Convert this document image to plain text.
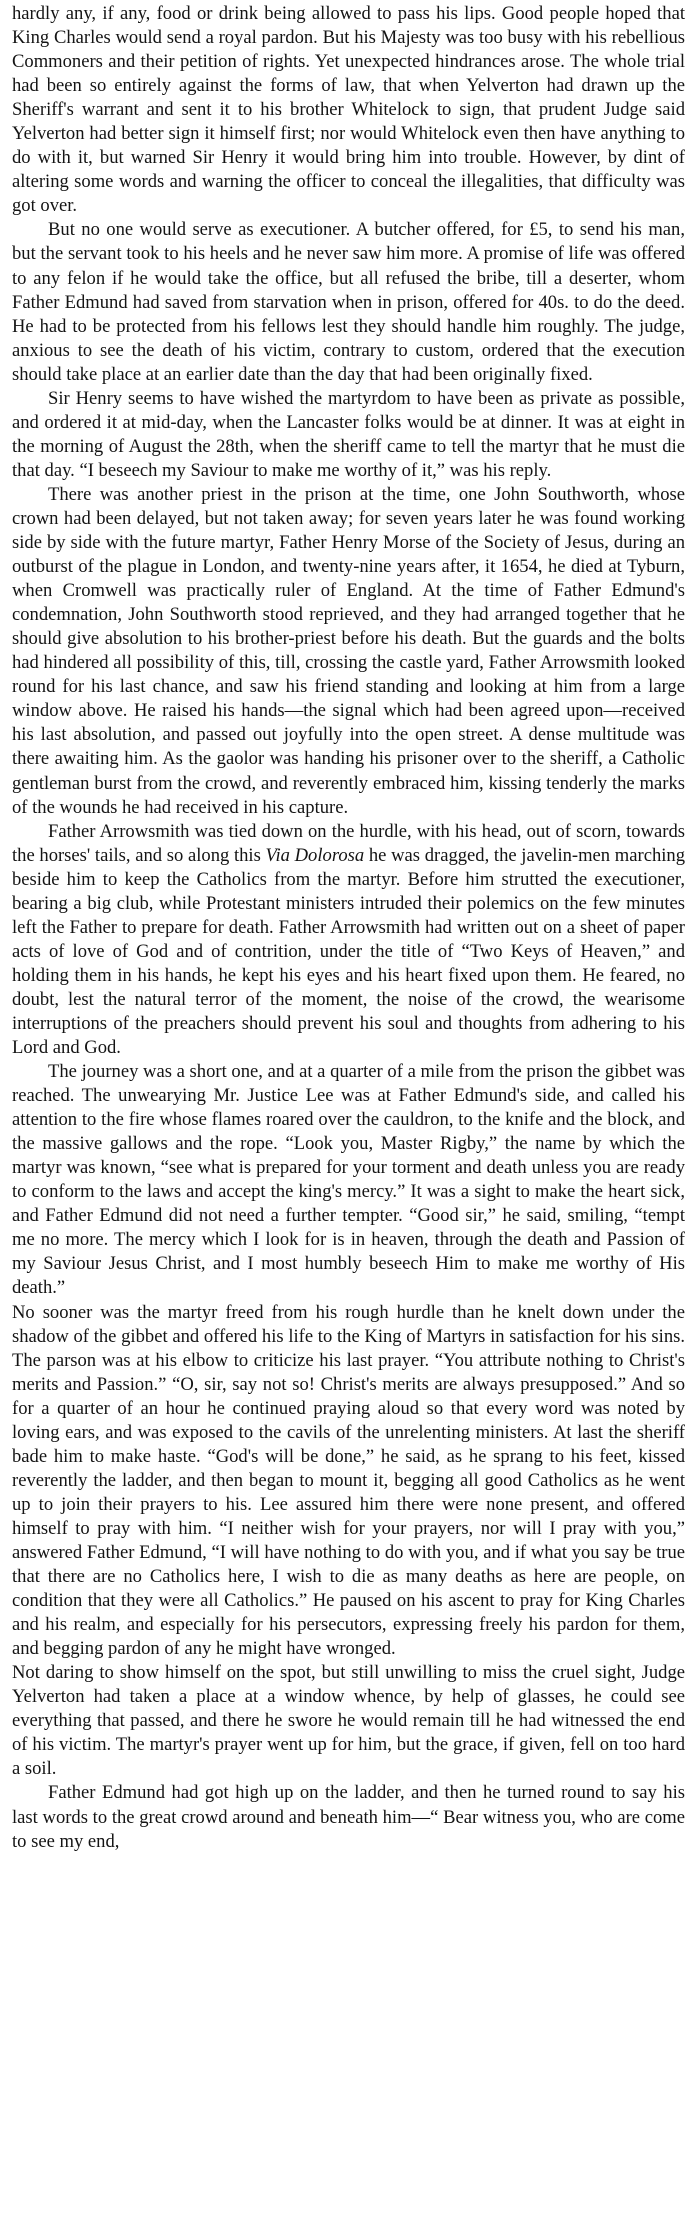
hardly any, if any, food or drink being allowed to pass his lips. Good people hoped that King Charles would send a royal pardon. But his Majesty was too busy with his rebellious Commoners and their petition of rights. Yet unexpected hindrances arose. The whole trial had been so entirely against the forms of law, that when Yelverton had drawn up the Sheriff's warrant and sent it to his brother Whitelock to sign, that prudent Judge said Yelverton had better sign it himself first; nor would Whitelock even then have anything to do with it, but warned Sir Henry it would bring him into trouble. However, by dint of altering some words and warning the officer to conceal the illegalities, that difficulty was got over.

But no one would serve as executioner. A butcher offered, for £5, to send his man, but the servant took to his heels and he never saw him more. A promise of life was offered to any felon if he would take the office, but all refused the bribe, till a deserter, whom Father Edmund had saved from starvation when in prison, offered for 40s. to do the deed. He had to be protected from his fellows lest they should handle him roughly. The judge, anxious to see the death of his victim, contrary to custom, ordered that the execution should take place at an earlier date than the day that had been originally fixed.

Sir Henry seems to have wished the martyrdom to have been as private as possible, and ordered it at mid-day, when the Lancaster folks would be at dinner. It was at eight in the morning of August the 28th, when the sheriff came to tell the martyr that he must die that day. “I beseech my Saviour to make me worthy of it,” was his reply.

There was another priest in the prison at the time, one John Southworth, whose crown had been delayed, but not taken away; for seven years later he was found working side by side with the future martyr, Father Henry Morse of the Society of Jesus, during an outburst of the plague in London, and twenty-nine years after, it 1654, he died at Tyburn, when Cromwell was practically ruler of England. At the time of Father Edmund's condemnation, John Southworth stood reprieved, and they had arranged together that he should give absolution to his brother-priest before his death. But the guards and the bolts had hindered all possibility of this, till, crossing the castle yard, Father Arrowsmith looked round for his last chance, and saw his friend standing and looking at him from a large window above. He raised his hands—the signal which had been agreed upon—received his last absolution, and passed out joyfully into the open street. A dense multitude was there awaiting him. As the gaolor was handing his prisoner over to the sheriff, a Catholic gentleman burst from the crowd, and reverently embraced him, kissing tenderly the marks of the wounds he had received in his capture.

Father Arrowsmith was tied down on the hurdle, with his head, out of scorn, towards the horses' tails, and so along this Via Dolorosa he was dragged, the javelin-men marching beside him to keep the Catholics from the martyr. Before him strutted the executioner, bearing a big club, while Protestant ministers intruded their polemics on the few minutes left the Father to prepare for death. Father Arrowsmith had written out on a sheet of paper acts of love of God and of contrition, under the title of “Two Keys of Heaven,” and holding them in his hands, he kept his eyes and his heart fixed upon them. He feared, no doubt, lest the natural terror of the moment, the noise of the crowd, the wearisome interruptions of the preachers should prevent his soul and thoughts from adhering to his Lord and God.

The journey was a short one, and at a quarter of a mile from the prison the gibbet was reached. The unwearying Mr. Justice Lee was at Father Edmund's side, and called his attention to the fire whose flames roared over the cauldron, to the knife and the block, and the massive gallows and the rope. “Look you, Master Rigby,” the name by which the martyr was known, “see what is prepared for your torment and death unless you are ready to conform to the laws and accept the king's mercy.” It was a sight to make the heart sick, and Father Edmund did not need a further tempter. “Good sir,” he said, smiling, “tempt me no more. The mercy which I look for is in heaven, through the death and Passion of my Saviour Jesus Christ, and I most humbly beseech Him to make me worthy of His death.”

No sooner was the martyr freed from his rough hurdle than he knelt down under the shadow of the gibbet and offered his life to the King of Martyrs in satisfaction for his sins. The parson was at his elbow to criticize his last prayer. “You attribute nothing to Christ's merits and Passion.” “O, sir, say not so! Christ's merits are always presupposed.” And so for a quarter of an hour he continued praying aloud so that every word was noted by loving ears, and was exposed to the cavils of the unrelenting ministers. At last the sheriff bade him to make haste. “God's will be done,” he said, as he sprang to his feet, kissed reverently the ladder, and then began to mount it, begging all good Catholics as he went up to join their prayers to his. Lee assured him there were none present, and offered himself to pray with him. “I neither wish for your prayers, nor will I pray with you,” answered Father Edmund, “I will have nothing to do with you, and if what you say be true that there are no Catholics here, I wish to die as many deaths as here are people, on condition that they were all Catholics.” He paused on his ascent to pray for King Charles and his realm, and especially for his persecutors, expressing freely his pardon for them, and begging pardon of any he might have wronged.

Not daring to show himself on the spot, but still unwilling to miss the cruel sight, Judge Yelverton had taken a place at a window whence, by help of glasses, he could see everything that passed, and there he swore he would remain till he had witnessed the end of his victim. The martyr's prayer went up for him, but the grace, if given, fell on too hard a soil.

Father Edmund had got high up on the ladder, and then he turned round to say his last words to the great crowd around and beneath him—“ Bear witness you, who are come to see my end,
